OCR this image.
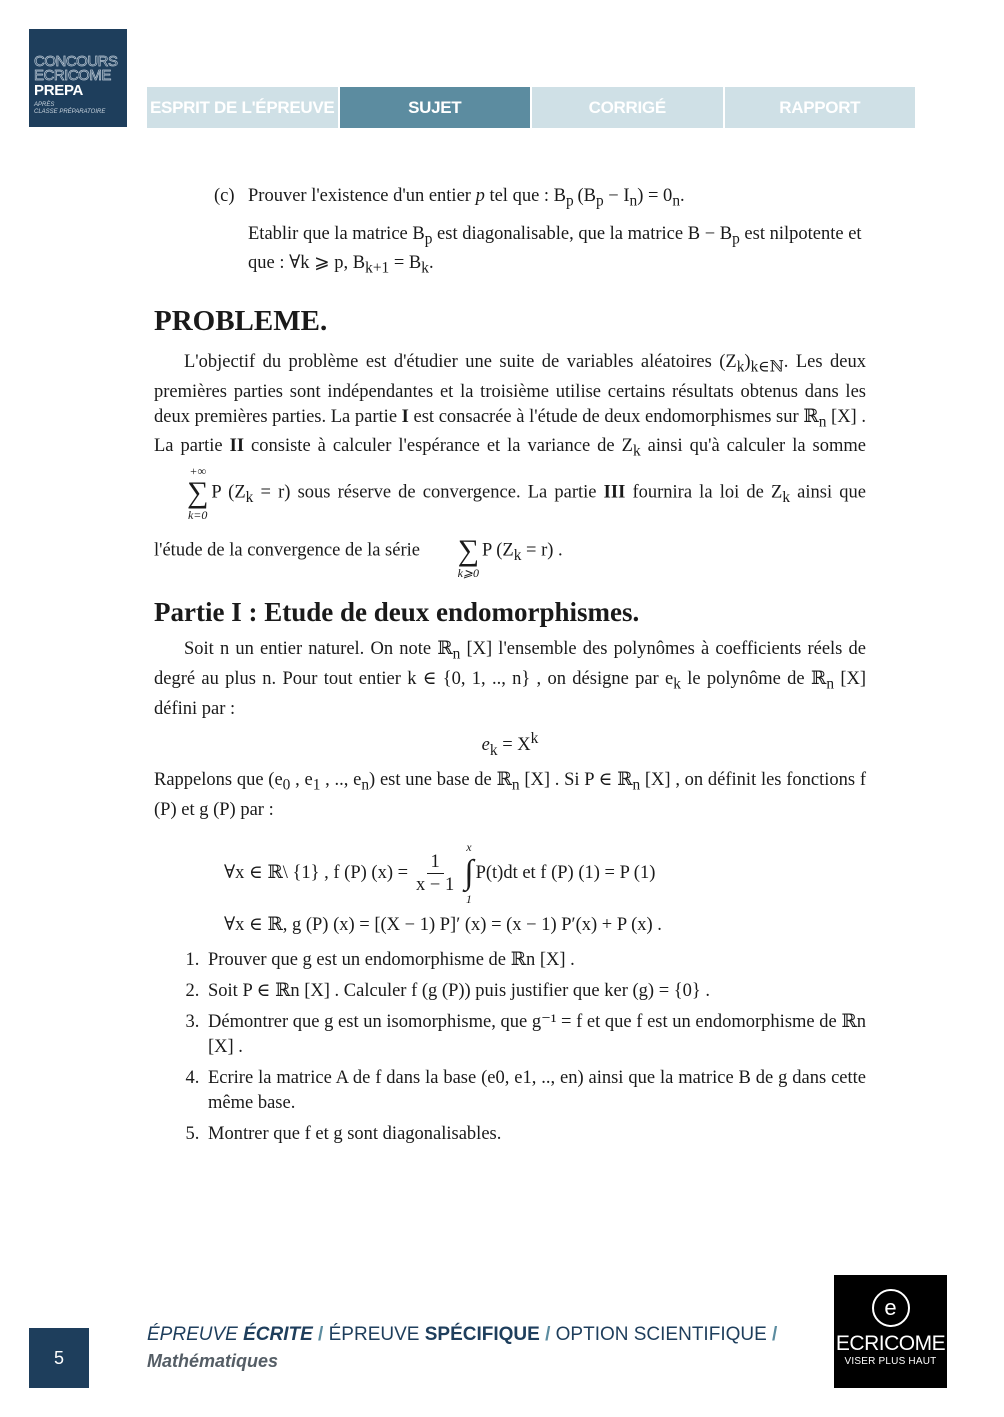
CONCOURS
ECRICOME
PREPA
APRÈS
CLASSE PRÉPARATOIRE	ESPRIT DE L'ÉPREUVE	SUJET	CORRIGÉ	RAPPORT
(c) Prouver l'existence d'un entier p tel que : $B_p$  $(B_p - I_n) = 0_n$.

Etablir que la matrice $B_p$ est diagonalisable, que la matrice $B - B_p$ est nilpotente et que : ∀k ⩾ p, $B_{k+1} = B_k$.

PROBLEME.

L'objectif du problème est d'étudier une suite de variables aléatoires $(Z_k)_{k\in ℕ}$. Les deux premières parties sont indépendantes et la troisième utilise certains résultats obtenus dans les deux premières parties. La partie I est consacrée à l'étude de deux endomorphismes sur ℝ$_n$ [X] . La partie II consiste à calculer l'espérance et la variance de $Z_k$ ainsi qu'à calculer la somme
+∞
∑
k=0
P $(Z_k = r)$ sous réserve de convergence. La partie III fournira la loi de $Z_k$ ainsi que l'étude de la convergence de la série
	∑
k⩾0
P $(Z_k = r)$ .

Partie I : Etude de deux endomorphismes.

Soit n un entier naturel. On note ℝ$_n$ [X] l'ensemble des polynômes à coefficients réels de degré au plus n. Pour tout entier k ∈ {0, 1, .., n} , on désigne par $e_k$ le polynôme de ℝ$_n$ [X] défini par :

$e_k = X^k$

Rappelons que ($e_0$ , $e_1$ , .., $e_n$) est une base de ℝ$_n$ [X] . Si P ∈ ℝ$_n$ [X] , on définit les fonctions f (P) et g (P) par :

∀x ∈ ℝ\ {1} , f (P) $(x) = \frac{1}{x - 1}$
x
∫
1
P(t)dt et f (P) (1) = P (1)
∀x ∈ ℝ, g (P) (x) = [(X − 1) P]′ (x) = (x − 1) P′(x) + P (x) .
1. Prouver que g est un endomorphisme de ℝn [X] .
2. Soit P ∈ ℝn [X] . Calculer f (g (P)) puis justifier que ker (g) = {0} .
3. Démontrer que g est un isomorphisme, que g⁻¹ = f et que f est un endomorphisme de ℝn [X] .
4. Ecrire la matrice A de f dans la base (e0, e1, .., en) ainsi que la matrice B de g dans cette même base.
5. Montrer que f et g sont diagonalisables.
5
ÉPREUVE ÉCRITE / ÉPREUVE SPÉCIFIQUE / OPTION SCIENTIFIQUE /
Mathématiques
e
ECRICOME
VISER PLUS HAUT
